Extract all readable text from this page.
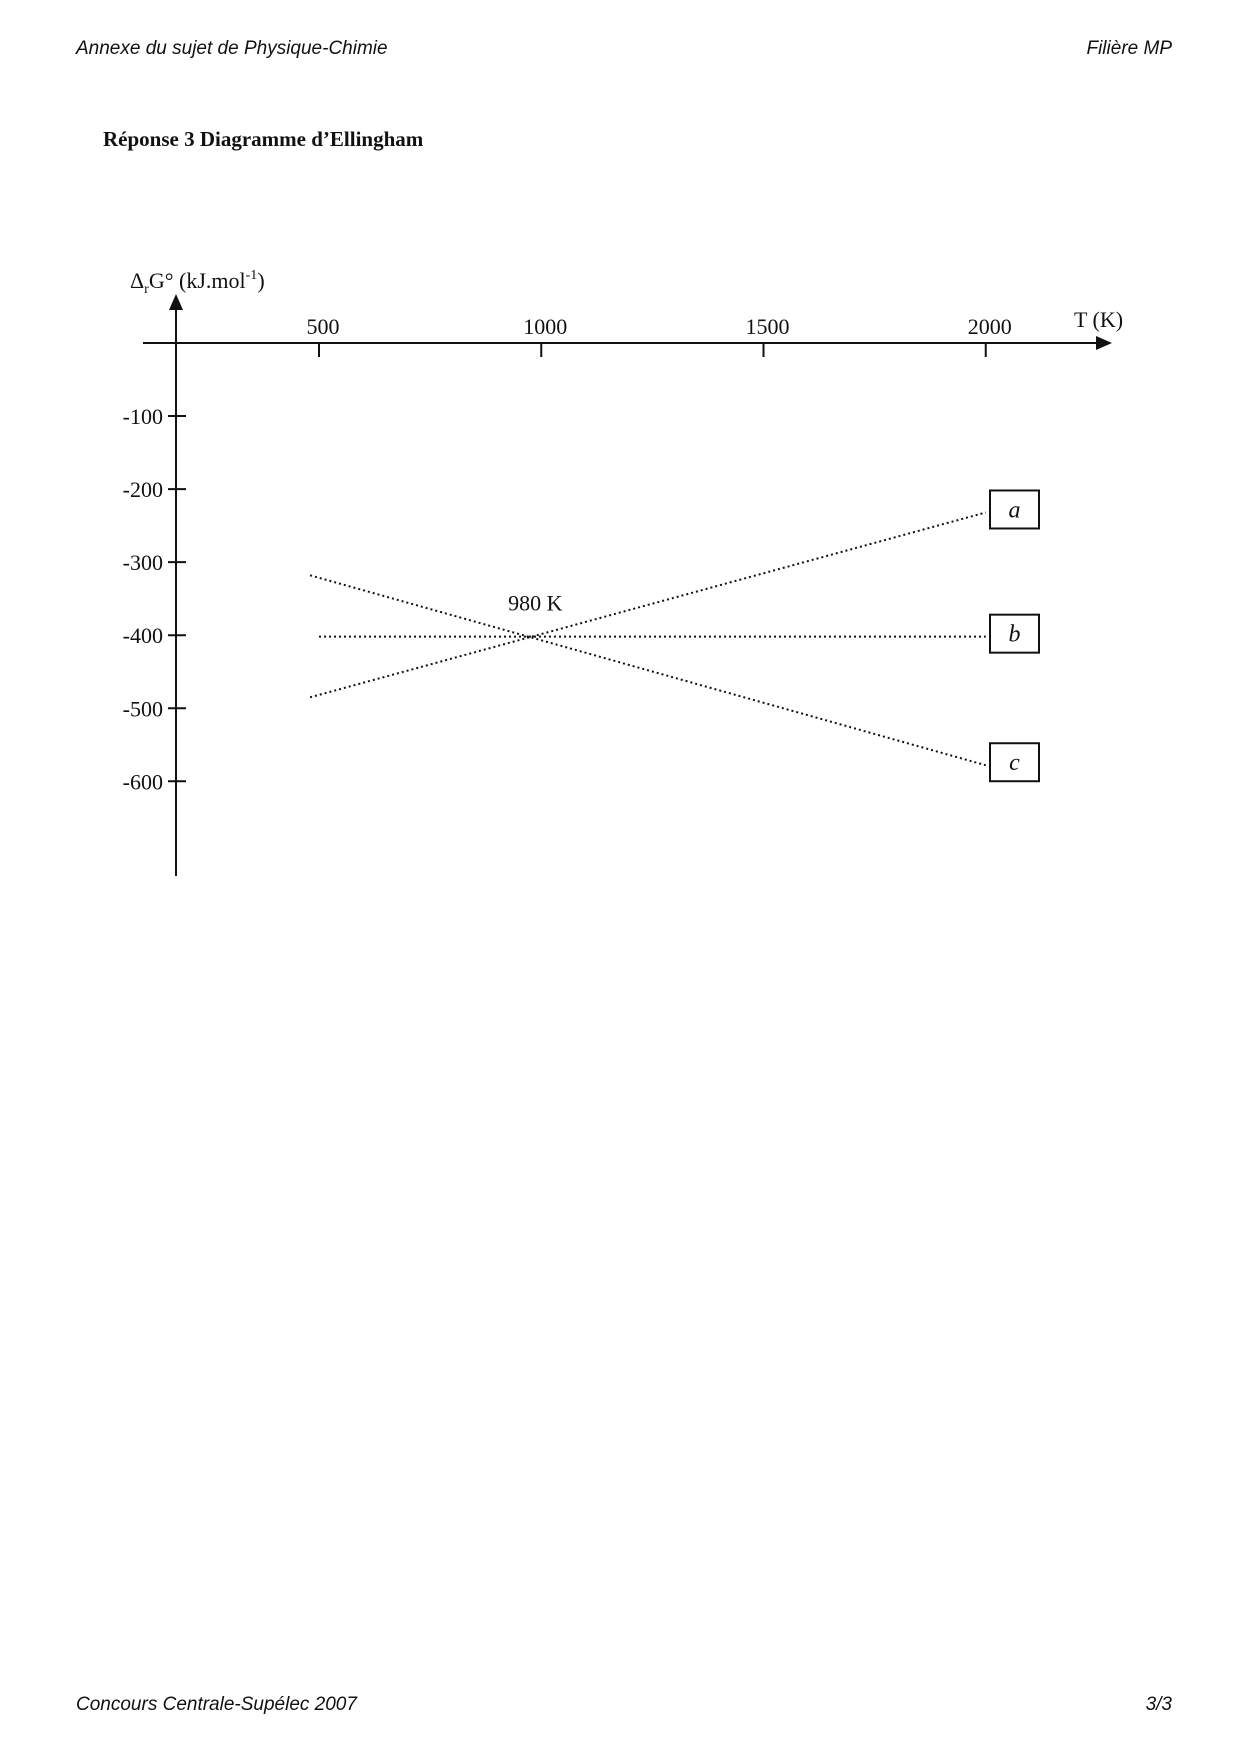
Annexe du sujet de Physique-Chimie	Filière MP
Réponse 3 Diagramme d’Ellingham
500	1000	1500	2000
-100
-200
-300
-400
-500
-600
a
b
c
T (K)
$\Delta_rG^\circ$ (kJ.mol$^{-1}$)
980 K
Concours Centrale-Supélec 2007	3/3
